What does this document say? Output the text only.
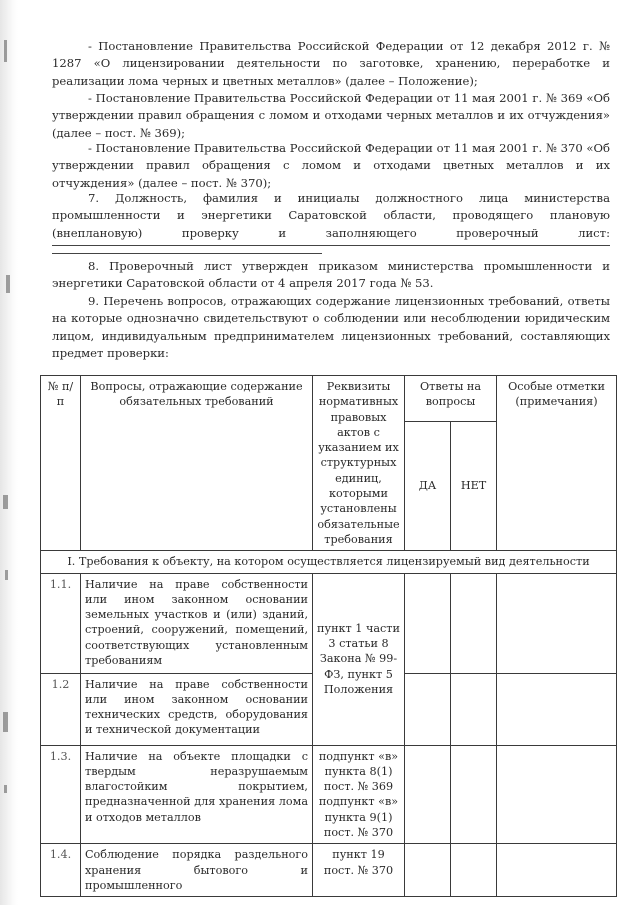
- Постановление Правительства Российской Федерации от 12 декабря 2012 г. № 1287 «О лицензировании деятельности по заготовке, хранению, переработке и реализации лома черных и цветных металлов» (далее – Положение);

- Постановление Правительства Российской Федерации от 11 мая 2001 г. № 369 «Об утверждении правил обращения с ломом и отходами черных металлов и их отчуждения» (далее – пост. № 369);

- Постановление Правительства Российской Федерации от 11 мая 2001 г. № 370 «Об утверждении правил обращения с ломом и отходами цветных металлов и их отчуждения» (далее – пост. № 370);

7. Должность, фамилия и инициалы должностного лица министерства промышленности и энергетики Саратовской области, проводящего плановую (внеплановую) проверку и заполняющего проверочный лист:

8. Проверочный лист утвержден приказом министерства промышленности и энергетики Саратовской области от 4 апреля 2017 года № 53.

9. Перечень вопросов, отражающих содержание лицензионных требований, ответы на которые однозначно свидетельствуют о соблюдении или несоблюдении юридическим лицом, индивидуальным предпринимателем лицензионных требований, составляющих предмет проверки:

№ п/п	Вопросы, отражающие содержание обязательных требований	Реквизиты нормативных правовых актов с указанием их структурных единиц, которыми установлены обязательные требования	Ответы на вопросы		Особые отметки (примечания)
			ДА	НЕТ	
I. Требования к объекту, на котором осуществляется лицензируемый вид деятельности					
1.1.	Наличие на праве собственности или ином законном основании земельных участков и (или) зданий, строений, сооружений, помещений, соответствующих установленным требованиям	пункт 1 части 3 статьи 8 Закона № 99-ФЗ, пункт 5 Положения			
1.2	Наличие на праве собственности или ином законном основании технических средств, оборудования и технической документации				
1.3.	Наличие на объекте площадки с твердым неразрушаемым влагостойким покрытием, предназначенной для хранения лома и отходов металлов	подпункт «в» пункта 8(1) пост. № 369 подпункт «в» пункта 9(1) пост. № 370			
1.4.	Соблюдение порядка раздельного хранения бытового и промышленного	пункт 19 пост. № 370			
